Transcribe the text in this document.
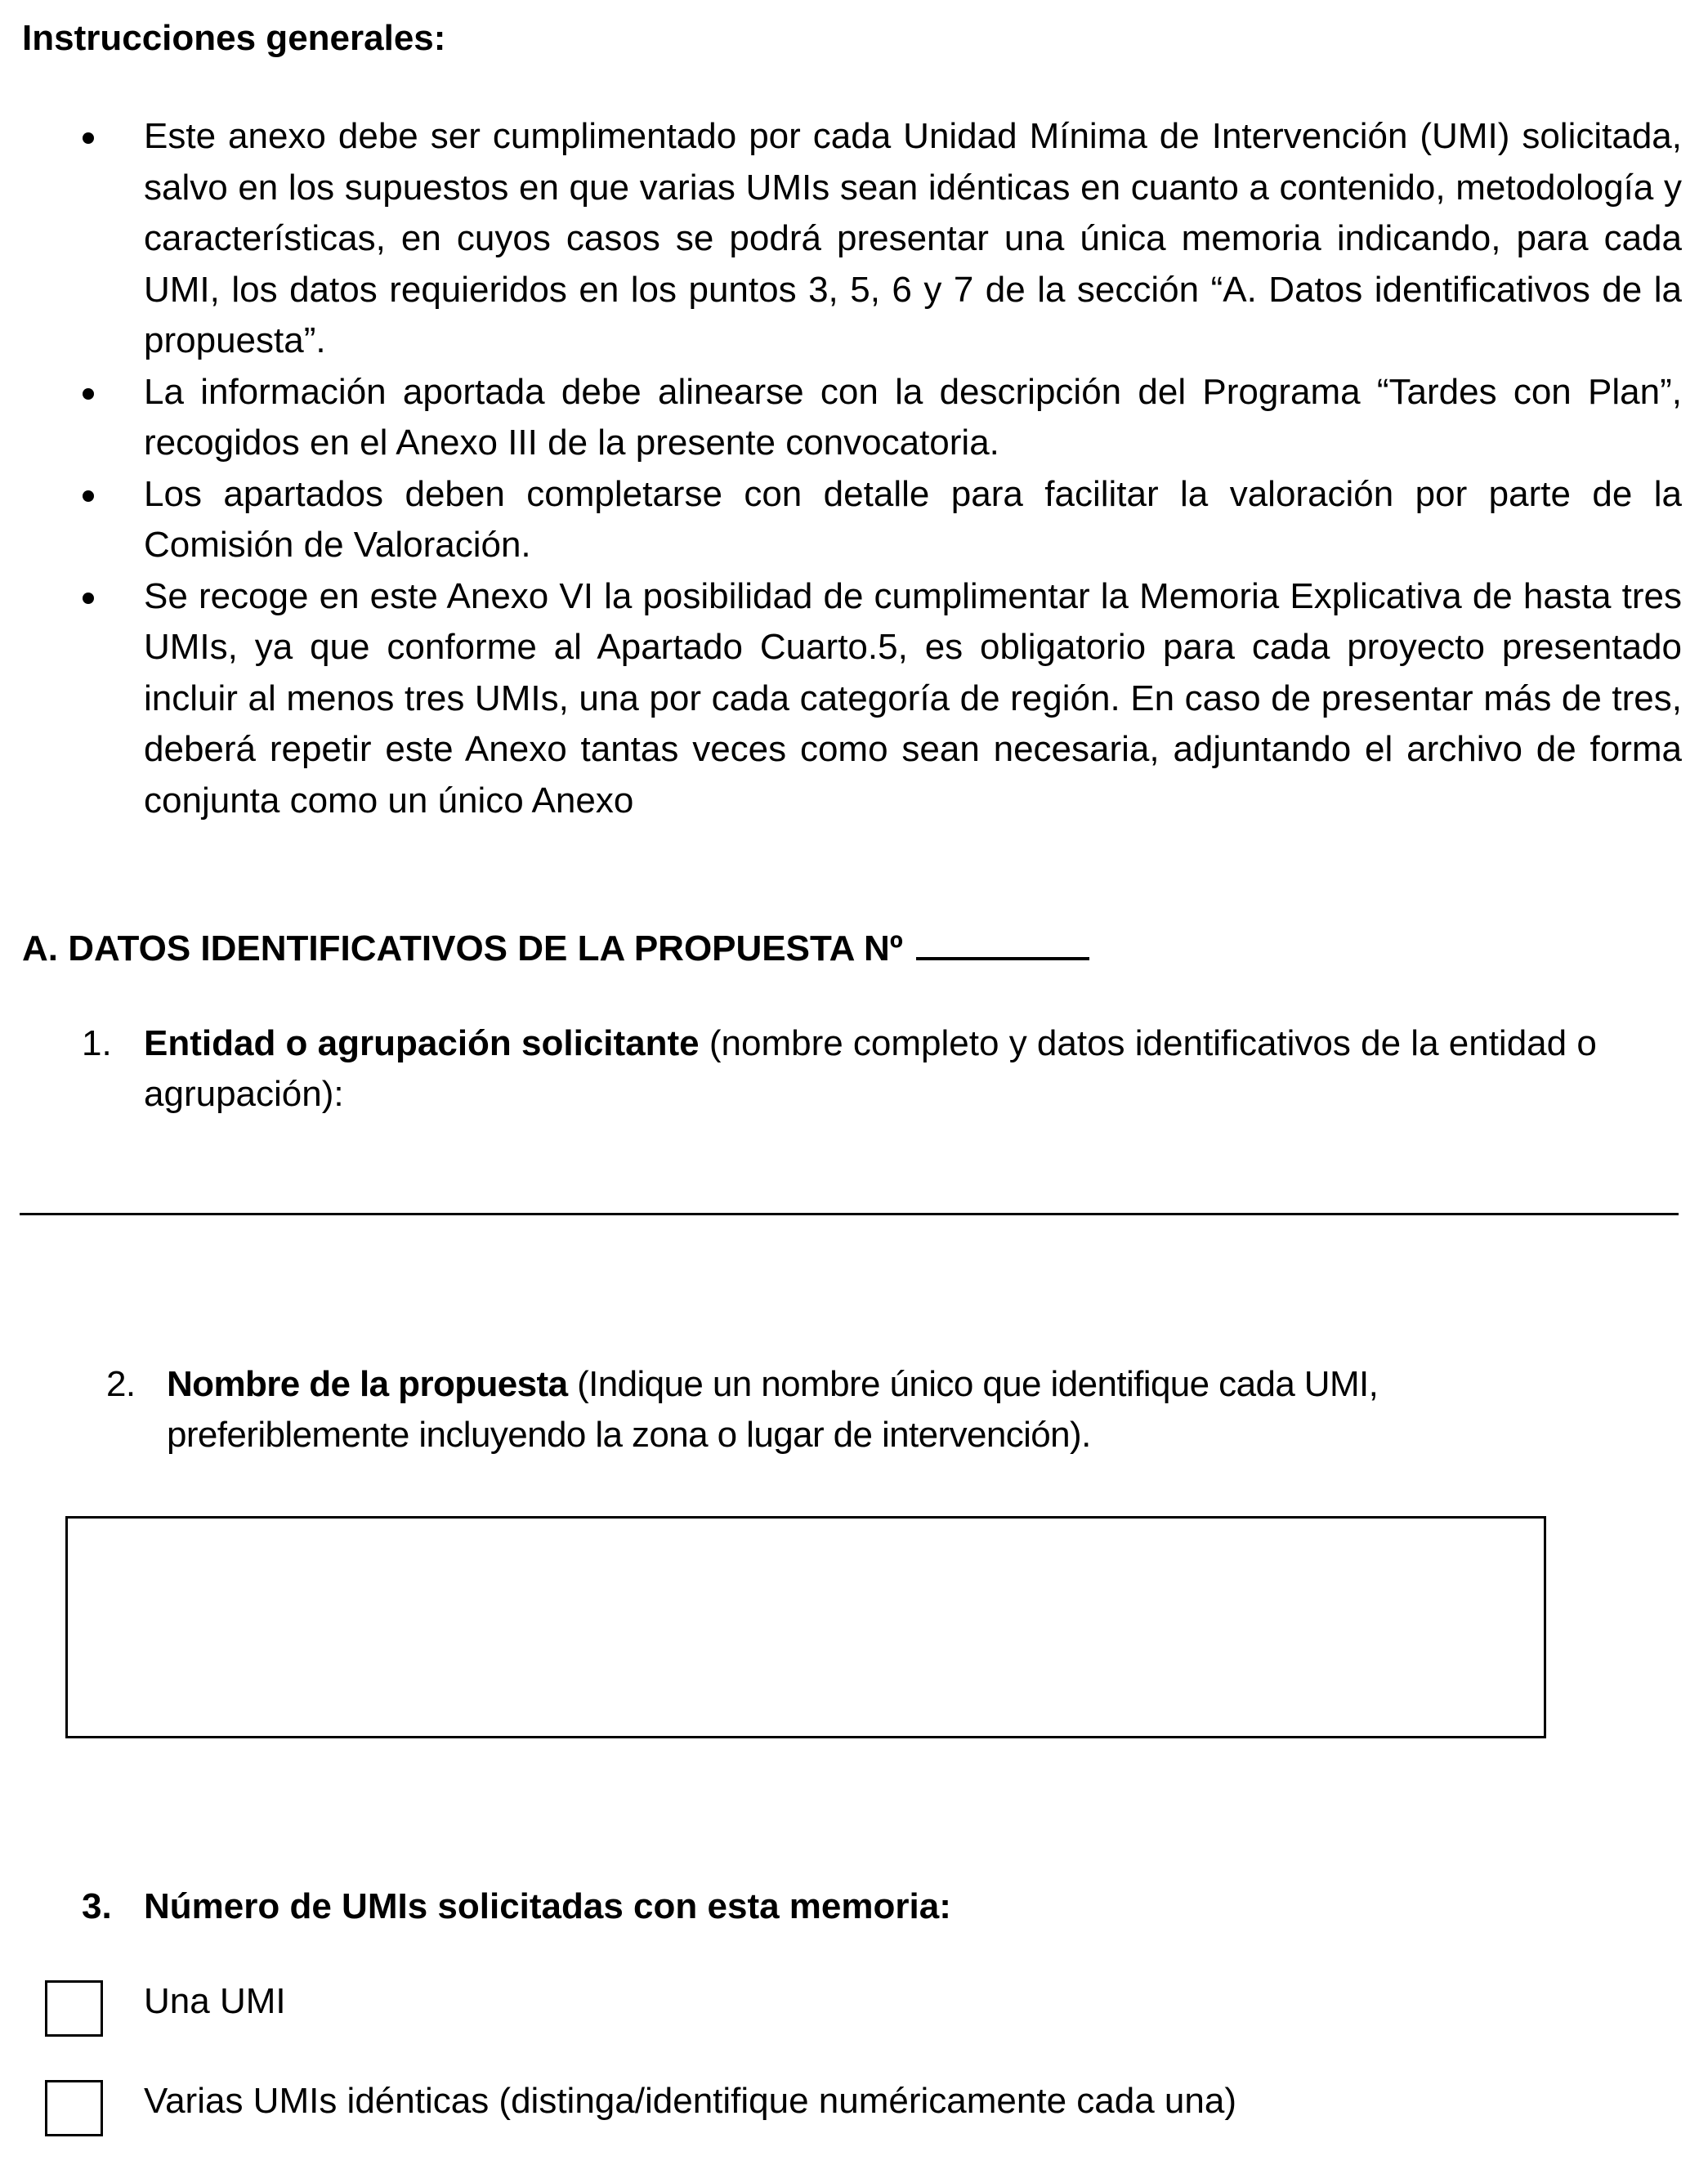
Instrucciones generales:
Este anexo debe ser cumplimentado por cada Unidad Mínima de Intervención (UMI) solicitada, salvo en los supuestos en que varias UMIs sean idénticas en cuanto a contenido, metodología y características, en cuyos casos se podrá presentar una única memoria indicando, para cada UMI, los datos requieridos en los puntos 3, 5, 6 y 7 de la sección “A. Datos identificativos de la propuesta”.
La información aportada debe alinearse con la descripción del Programa “Tardes con Plan”, recogidos en el Anexo III de la presente convocatoria.
Los apartados deben completarse con detalle para facilitar la valoración por parte de la Comisión de Valoración.
Se recoge en este Anexo VI la posibilidad de cumplimentar la Memoria Explicativa de hasta tres UMIs, ya que conforme al Apartado Cuarto.5, es obligatorio para cada proyecto presentado incluir al menos tres UMIs, una por cada categoría de región. En caso de presentar más de tres, deberá repetir este Anexo tantas veces como sean necesaria, adjuntando el archivo de forma conjunta como un único Anexo
A. DATOS IDENTIFICATIVOS DE LA PROPUESTA Nº
1. Entidad o agrupación solicitante (nombre completo y datos identificativos de la entidad o agrupación):
2. Nombre de la propuesta (Indique un nombre único que identifique cada UMI, preferiblemente incluyendo la zona o lugar de intervención).
3. Número de UMIs solicitadas con esta memoria:
Una UMI
Varias UMIs idénticas (distinga/identifique numéricamente cada una)
